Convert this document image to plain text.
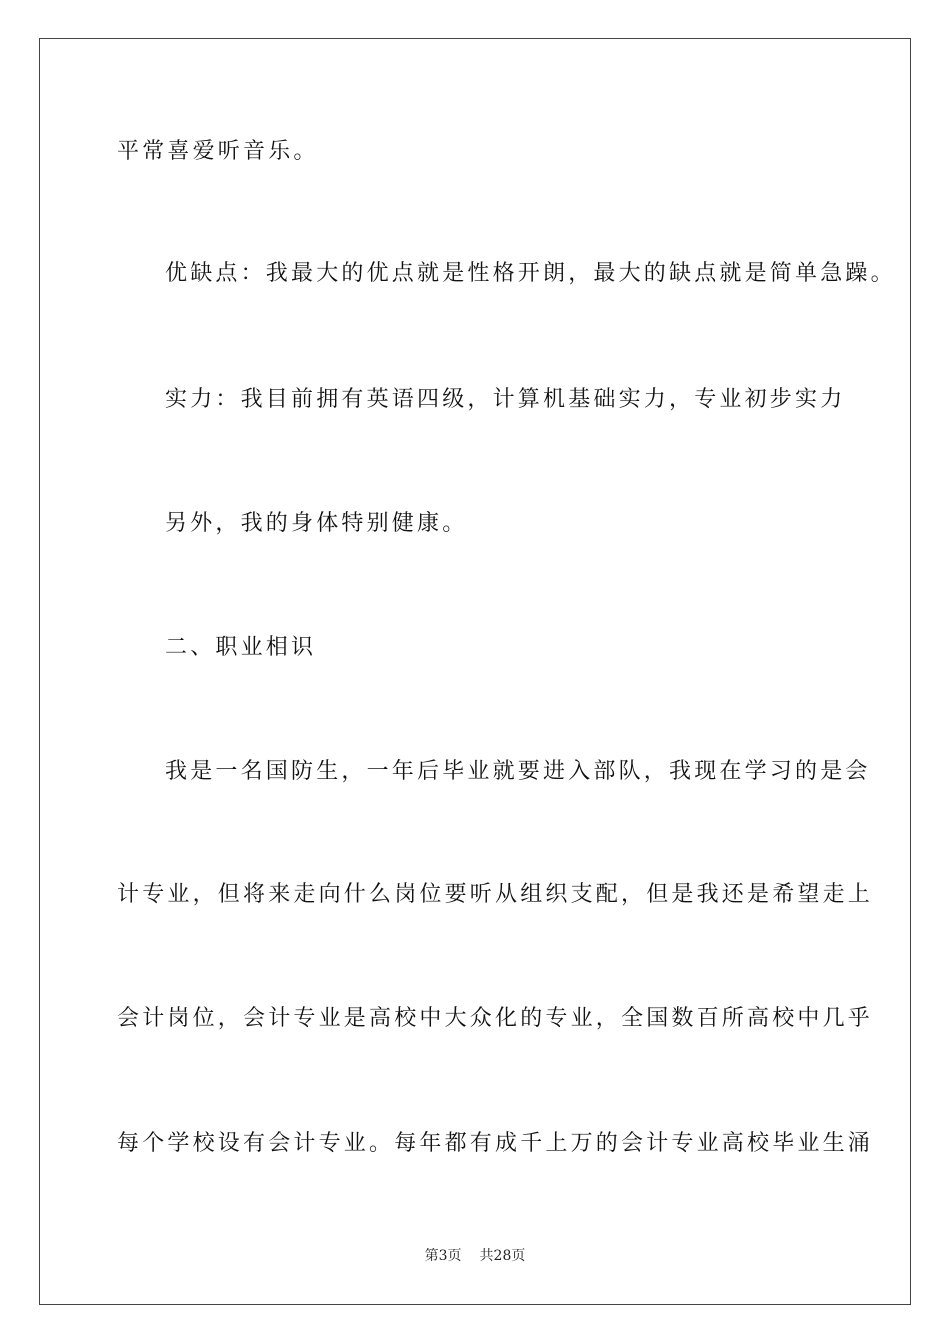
平常喜爱听音乐。
优缺点：我最大的优点就是性格开朗，最大的缺点就是简单急躁。
实力：我目前拥有英语四级，计算机基础实力，专业初步实力
另外，我的身体特别健康。
二、职业相识
我是一名国防生，一年后毕业就要进入部队，我现在学习的是会
计专业，但将来走向什么岗位要听从组织支配，但是我还是希望走上
会计岗位，会计专业是高校中大众化的专业，全国数百所高校中几乎
每个学校设有会计专业。每年都有成千上万的会计专业高校毕业生涌
第3页 共28页
